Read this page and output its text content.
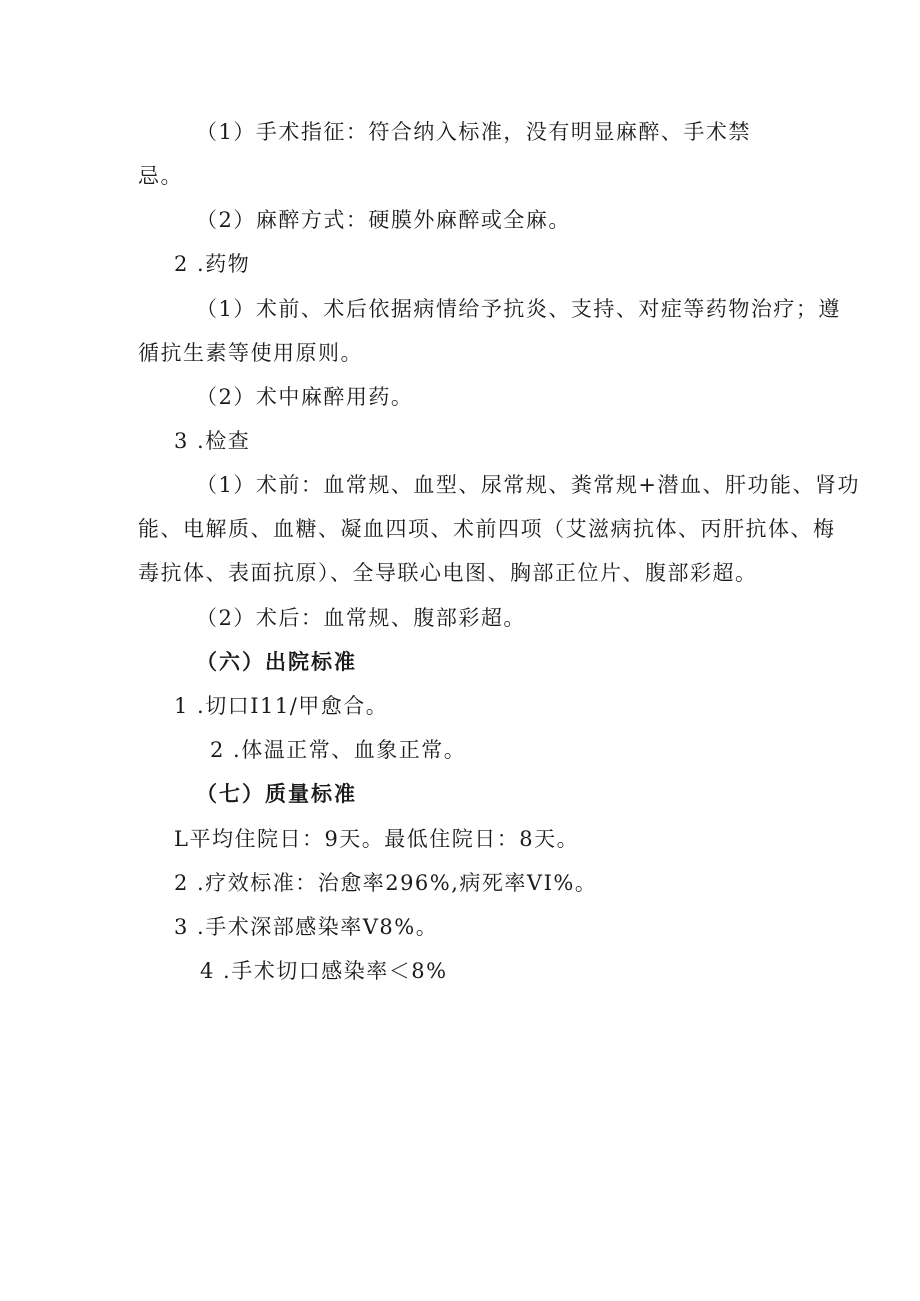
（1）手术指征：符合纳入标准，没有明显麻醉、手术禁
忌。
（2）麻醉方式：硬膜外麻醉或全麻。
2 .药物
（1）术前、术后依据病情给予抗炎、支持、对症等药物治疗；遵
循抗生素等使用原则。
（2）术中麻醉用药。
3 .检查
（1）术前：血常规、血型、尿常规、粪常规+潜血、肝功能、肾功
能、电解质、血糖、凝血四项、术前四项（艾滋病抗体、丙肝抗体、梅
毒抗体、表面抗原）、全导联心电图、胸部正位片、腹部彩超。
（2）术后：血常规、腹部彩超。
（六）出院标准
1 .切口I11/甲愈合。
2 .体温正常、血象正常。
（七）质量标准
L平均住院日：9天。最低住院日：8天。
2 .疗效标准：治愈率296%,病死率VI%。
3 .手术深部感染率V8%。
4 .手术切口感染率＜8%
